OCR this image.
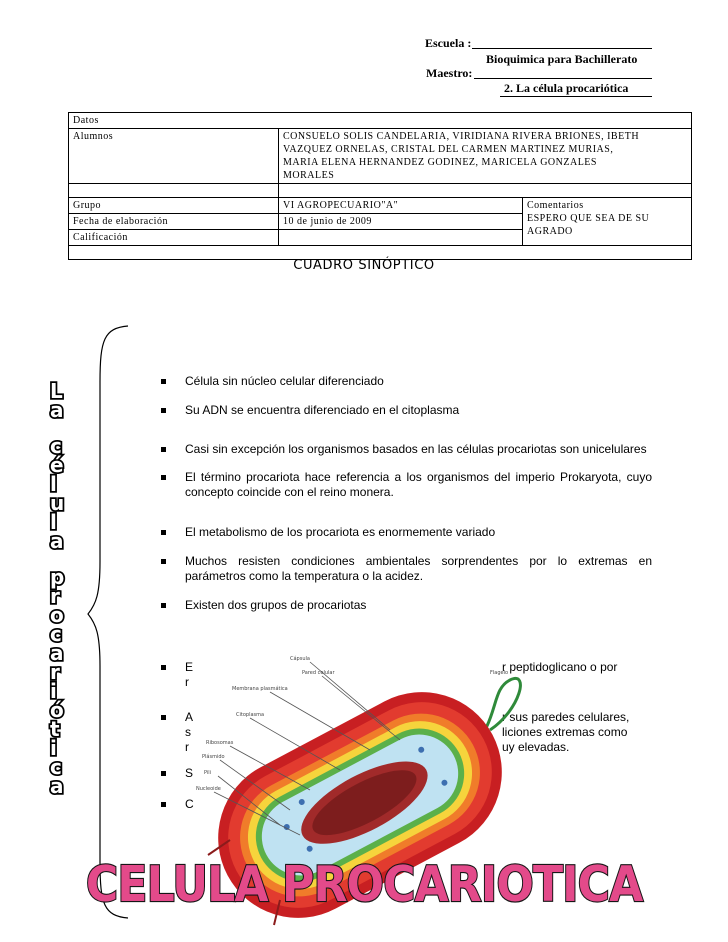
Escuela :
Bioquimica para Bachillerato
Maestro:
2. La célula procariótica
Datos		
Alumnos	CONSUELO SOLIS CANDELARIA, VIRIDIANA RIVERA BRIONES, IBETH
VAZQUEZ ORNELAS, CRISTAL DEL CARMEN MARTINEZ MURIAS,
MARIA ELENA HERNANDEZ GODINEZ, MARICELA GONZALES
MORALES	

Grupo	VI AGROPECUARIO"A"	Comentarios
ESPERO QUE SEA DE SU
AGRADO

Fecha de elaboración	10 de junio de 2009	
Calificación		

CUADRO SINÓPTICO
L
a
c
é
l
u
l
a
p
r
o
c
a
r
i
ó
t
i
c
a
Célula sin núcleo celular diferenciado
Su ADN se encuentra diferenciado en el citoplasma
Casi sin excepción los organismos basados en las células procariotas son unicelulares
El término procariota hace referencia a los organismos del imperio Prokaryota, cuyo concepto coincide con el reino monera.
El metabolismo de los procariota es enormemente variado
Muchos resisten condiciones ambientales sorprendentes por lo extremas en parámetros como la temperatura o la acidez.
Existen dos grupos de procariotas
E
r
r peptidoglicano o por
A
s
r
r sus paredes celulares,
liciones extremas como
uy elevadas.
S
C
Cápsula
Pared celular
Membrana plasmática
Citoplasma
Ribosomas
Plásmido
Pili
Nucleoide
Flagelo
CELULA PROCARIOTICA
